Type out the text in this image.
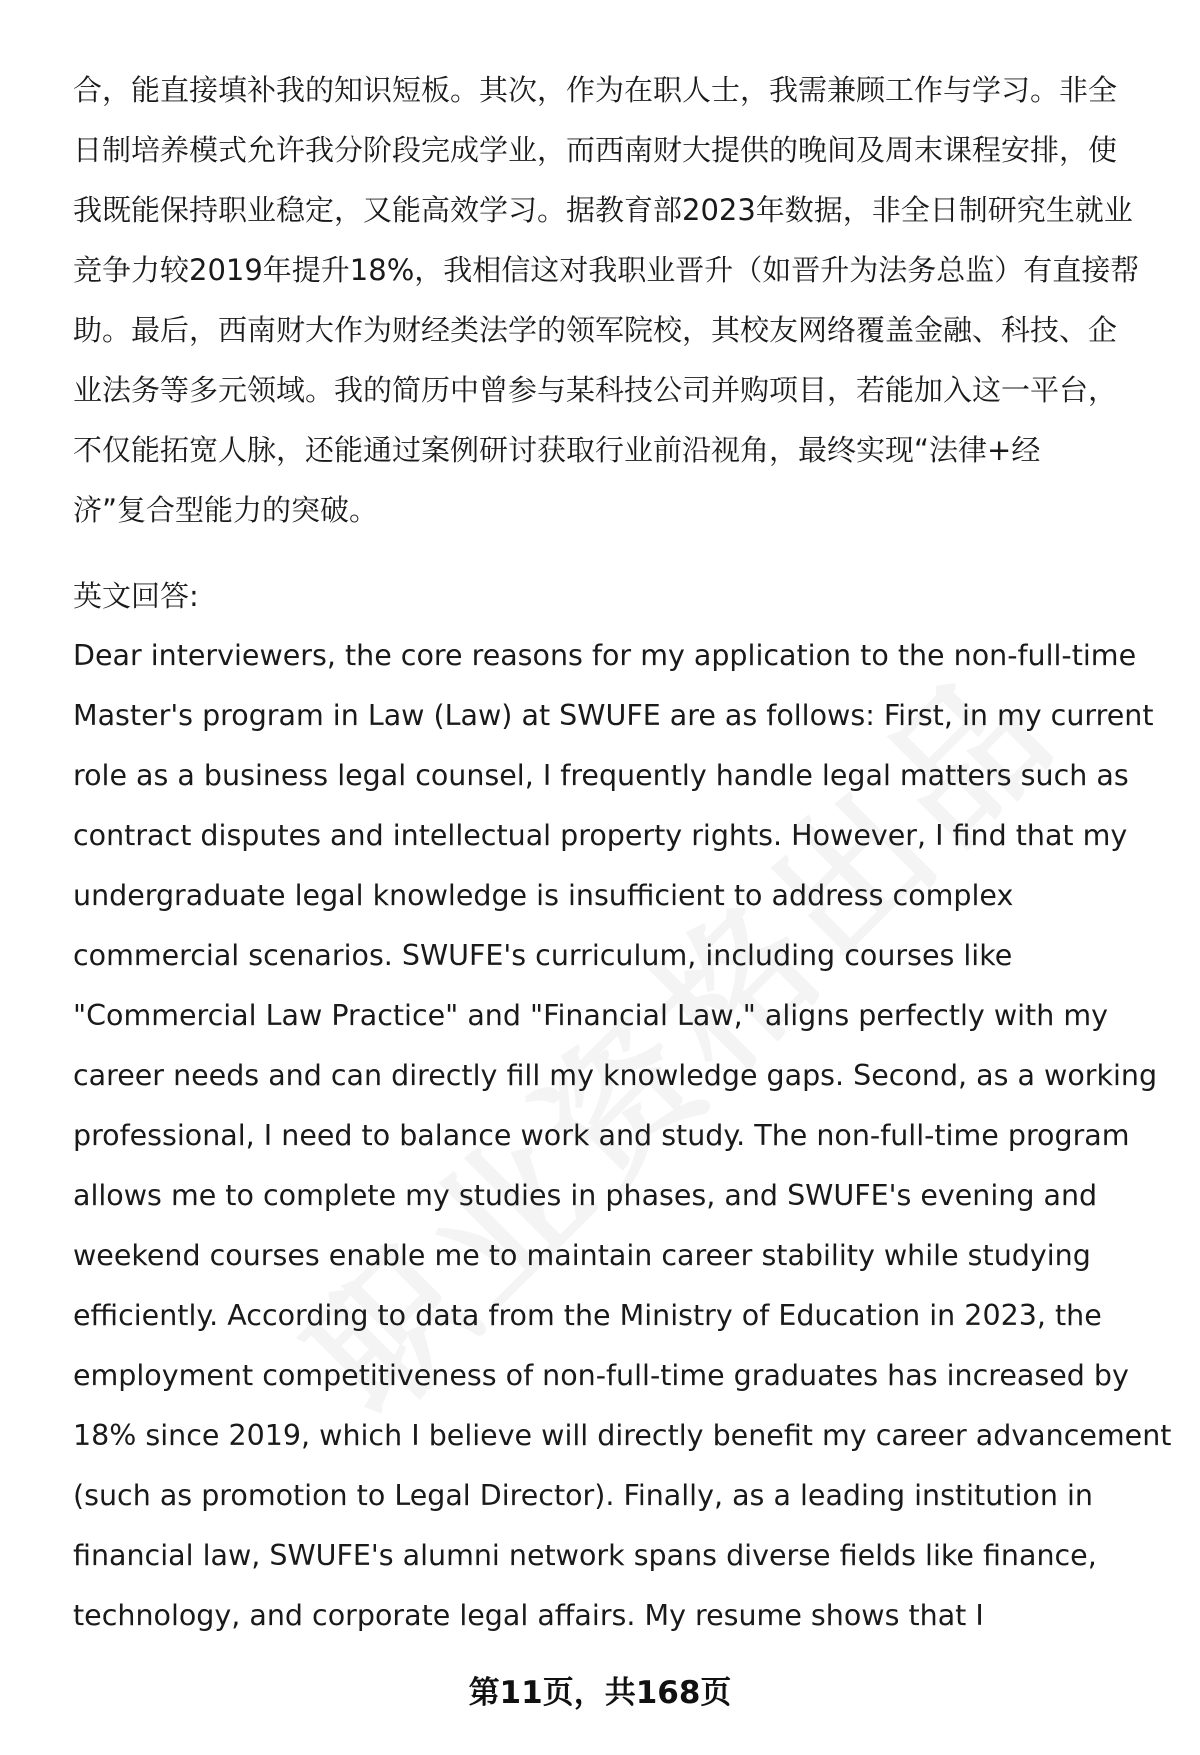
合，能直接填补我的知识短板。其次，作为在职人士，我需兼顾工作与学习。非全
日制培养模式允许我分阶段完成学业，而西南财大提供的晚间及周末课程安排，使
我既能保持职业稳定，又能高效学习。据教育部2023年数据，非全日制研究生就业
竞争力较2019年提升18%，我相信这对我职业晋升（如晋升为法务总监）有直接帮
助。最后，西南财大作为财经类法学的领军院校，其校友网络覆盖金融、科技、企
业法务等多元领域。我的简历中曾参与某科技公司并购项目，若能加入这一平台，
不仅能拓宽人脉，还能通过案例研讨获取行业前沿视角，最终实现“法律+经
济”复合型能力的突破。
英文回答:
Dear interviewers, the core reasons for my application to the non-full-time
Master's program in Law (Law) at SWUFE are as follows: First, in my current
role as a business legal counsel, I frequently handle legal matters such as
contract disputes and intellectual property rights. However, I find that my
undergraduate legal knowledge is insufficient to address complex
commercial scenarios. SWUFE's curriculum, including courses like
"Commercial Law Practice" and "Financial Law," aligns perfectly with my
career needs and can directly fill my knowledge gaps. Second, as a working
professional, I need to balance work and study. The non-full-time program
allows me to complete my studies in phases, and SWUFE's evening and
weekend courses enable me to maintain career stability while studying
efficiently. According to data from the Ministry of Education in 2023, the
employment competitiveness of non-full-time graduates has increased by
18% since 2019, which I believe will directly benefit my career advancement
(such as promotion to Legal Director). Finally, as a leading institution in
financial law, SWUFE's alumni network spans diverse fields like finance,
technology, and corporate legal affairs. My resume shows that I
第11页，共168页
